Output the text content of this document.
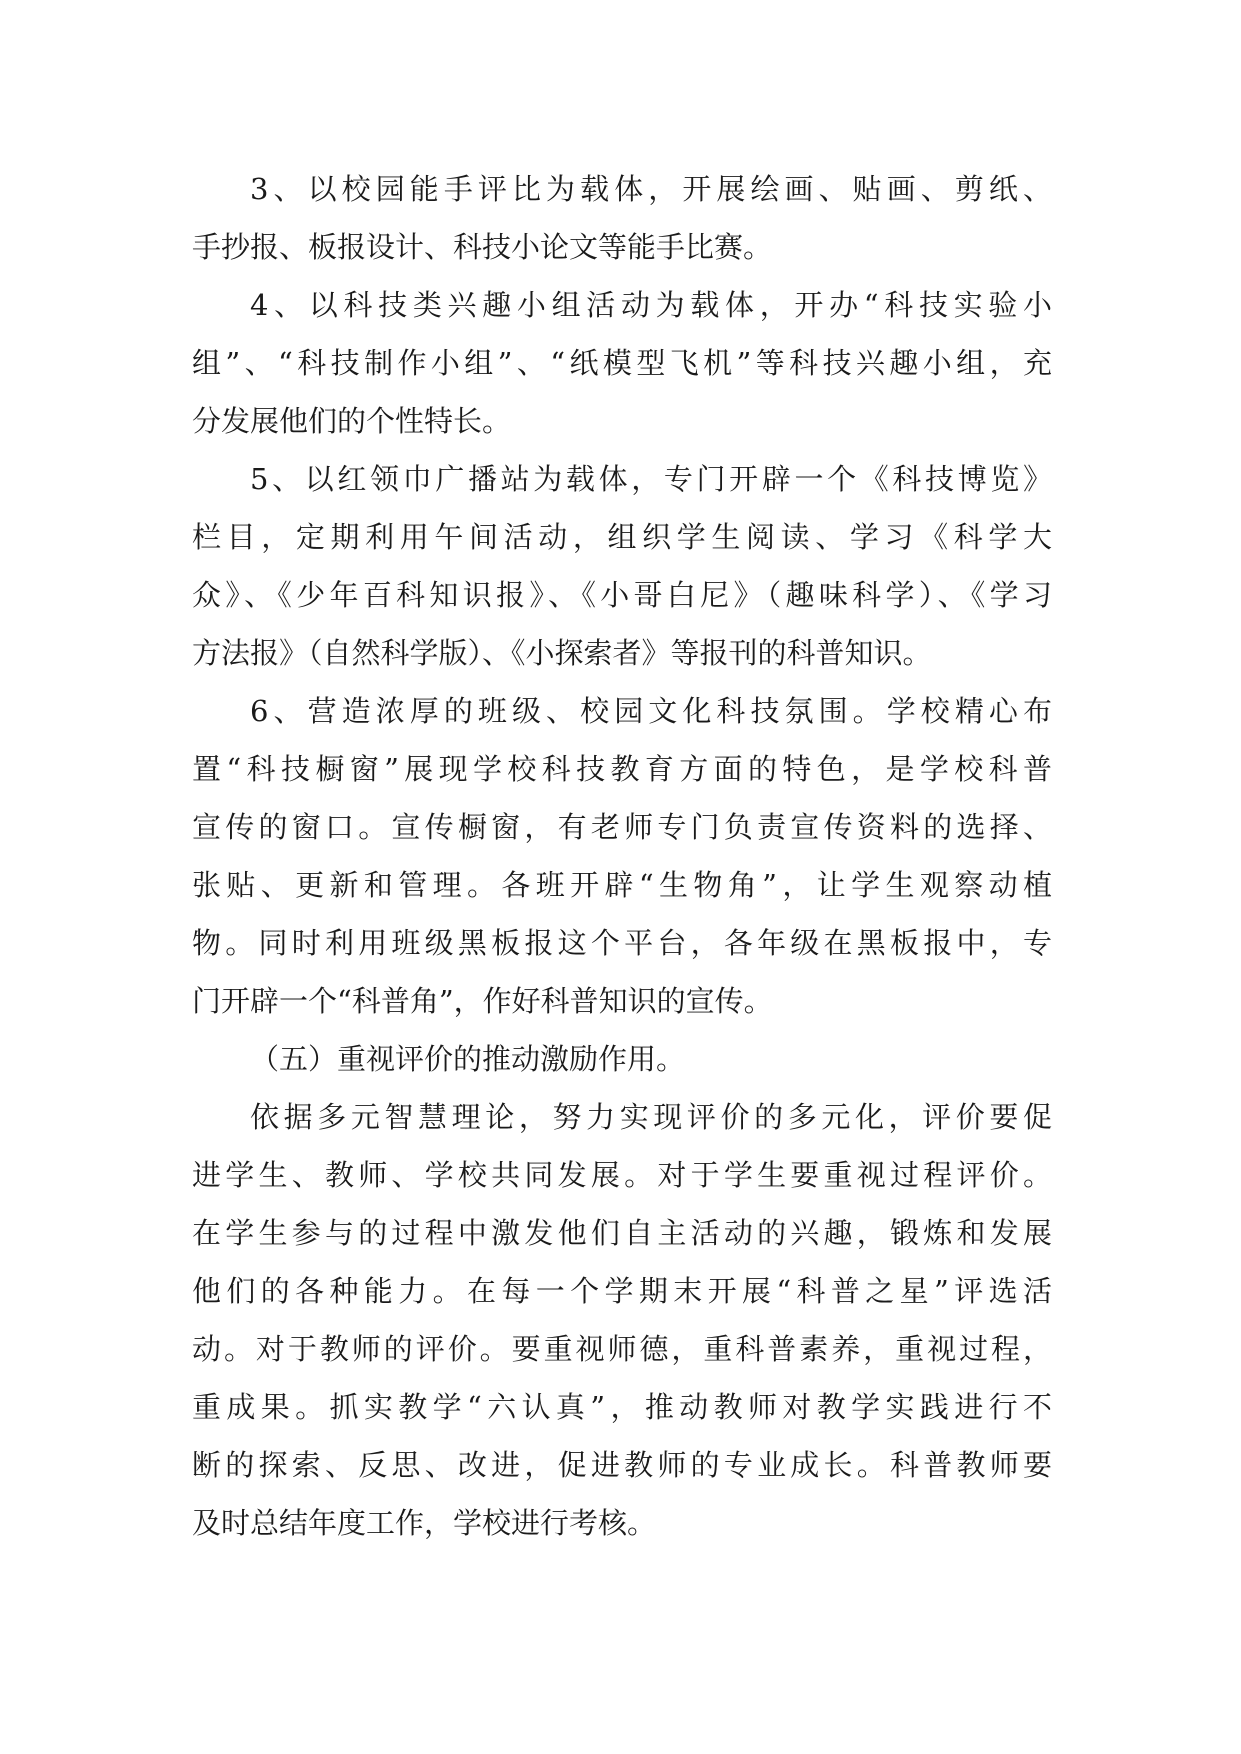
3、以校园能手评比为载体，开展绘画、贴画、剪纸、
手抄报、板报设计、科技小论文等能手比赛。
4、以科技类兴趣小组活动为载体，开办“科技实验小
组”、“科技制作小组”、“纸模型飞机”等科技兴趣小组，充
分发展他们的个性特长。
5、以红领巾广播站为载体，专门开辟一个《科技博览》
栏目，定期利用午间活动，组织学生阅读、学习《科学大
众》、《少年百科知识报》、《小哥白尼》（趣味科学）、《学习
方法报》（自然科学版）、《小探索者》等报刊的科普知识。
6、营造浓厚的班级、校园文化科技氛围。学校精心布
置“科技橱窗”展现学校科技教育方面的特色，是学校科普
宣传的窗口。宣传橱窗，有老师专门负责宣传资料的选择、
张贴、更新和管理。各班开辟“生物角”，让学生观察动植
物。同时利用班级黑板报这个平台，各年级在黑板报中，专
门开辟一个“科普角”，作好科普知识的宣传。
（五）重视评价的推动激励作用。
依据多元智慧理论，努力实现评价的多元化，评价要促
进学生、教师、学校共同发展。对于学生要重视过程评价。
在学生参与的过程中激发他们自主活动的兴趣，锻炼和发展
他们的各种能力。在每一个学期末开展“科普之星”评选活
动。对于教师的评价。要重视师德，重科普素养，重视过程，
重成果。抓实教学“六认真”，推动教师对教学实践进行不
断的探索、反思、改进，促进教师的专业成长。科普教师要
及时总结年度工作，学校进行考核。
